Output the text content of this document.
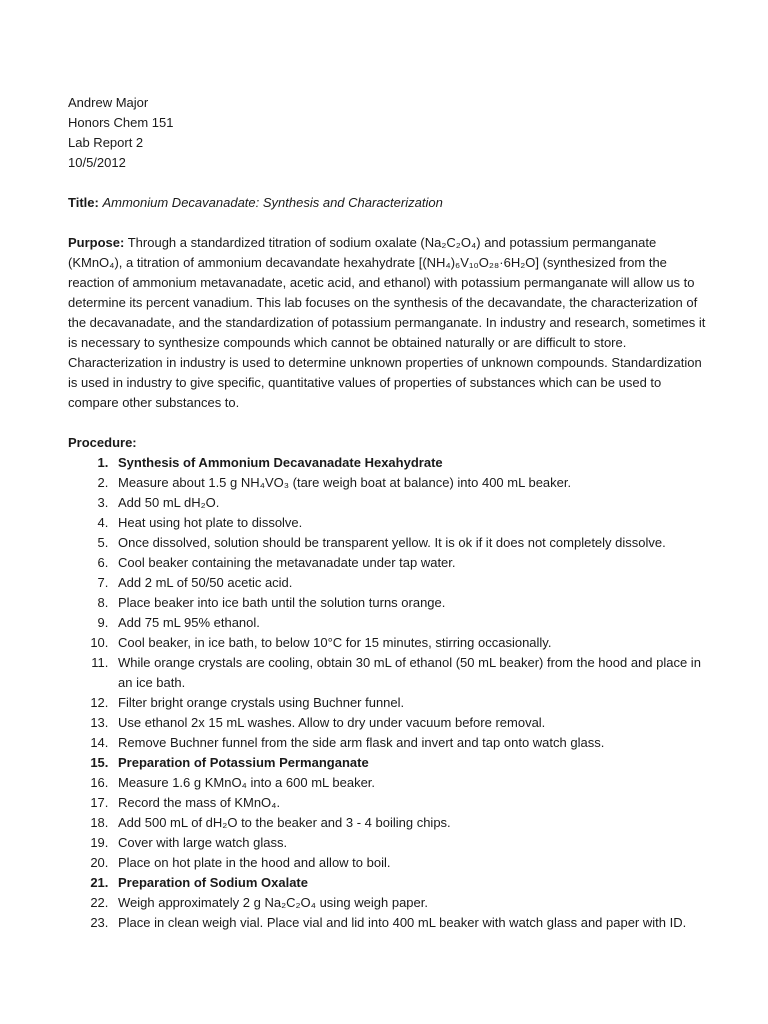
Andrew Major

Honors Chem 151

Lab Report 2

10/5/2012

Title: Ammonium Decavanadate: Synthesis and Characterization

Purpose: Through a standardized titration of sodium oxalate (Na₂C₂O₄) and potassium permanganate (KMnO₄), a titration of ammonium decavandate hexahydrate [(NH₄)₆V₁₀O₂₈·6H₂O] (synthesized from the reaction of ammonium metavanadate, acetic acid, and ethanol) with potassium permanganate will allow us to determine its percent vanadium. This lab focuses on the synthesis of the decavandate, the characterization of the decavanadate, and the standardization of potassium permanganate. In industry and research, sometimes it is necessary to synthesize compounds which cannot be obtained naturally or are difficult to store. Characterization in industry is used to determine unknown properties of unknown compounds. Standardization is used in industry to give specific, quantitative values of properties of substances which can be used to compare other substances to.

Procedure:

1. Synthesis of Ammonium Decavanadate Hexahydrate
2. Measure about 1.5 g NH₄VO₃ (tare weigh boat at balance) into 400 mL beaker.
3. Add 50 mL dH₂O.
4. Heat using hot plate to dissolve.
5. Once dissolved, solution should be transparent yellow. It is ok if it does not completely dissolve.
6. Cool beaker containing the metavanadate under tap water.
7. Add 2 mL of 50/50 acetic acid.
8. Place beaker into ice bath until the solution turns orange.
9. Add 75 mL 95% ethanol.
10. Cool beaker, in ice bath, to below 10°C for 15 minutes, stirring occasionally.
11. While orange crystals are cooling, obtain 30 mL of ethanol (50 mL beaker) from the hood and place in an ice bath.
12. Filter bright orange crystals using Buchner funnel.
13. Use ethanol 2x 15 mL washes. Allow to dry under vacuum before removal.
14. Remove Buchner funnel from the side arm flask and invert and tap onto watch glass.
15. Preparation of Potassium Permanganate
16. Measure 1.6 g KMnO₄ into a 600 mL beaker.
17. Record the mass of KMnO₄.
18. Add 500 mL of dH₂O to the beaker and 3 - 4 boiling chips.
19. Cover with large watch glass.
20. Place on hot plate in the hood and allow to boil.
21. Preparation of Sodium Oxalate
22. Weigh approximately 2 g Na₂C₂O₄ using weigh paper.
23. Place in clean weigh vial. Place vial and lid into 400 mL beaker with watch glass and paper with ID.
